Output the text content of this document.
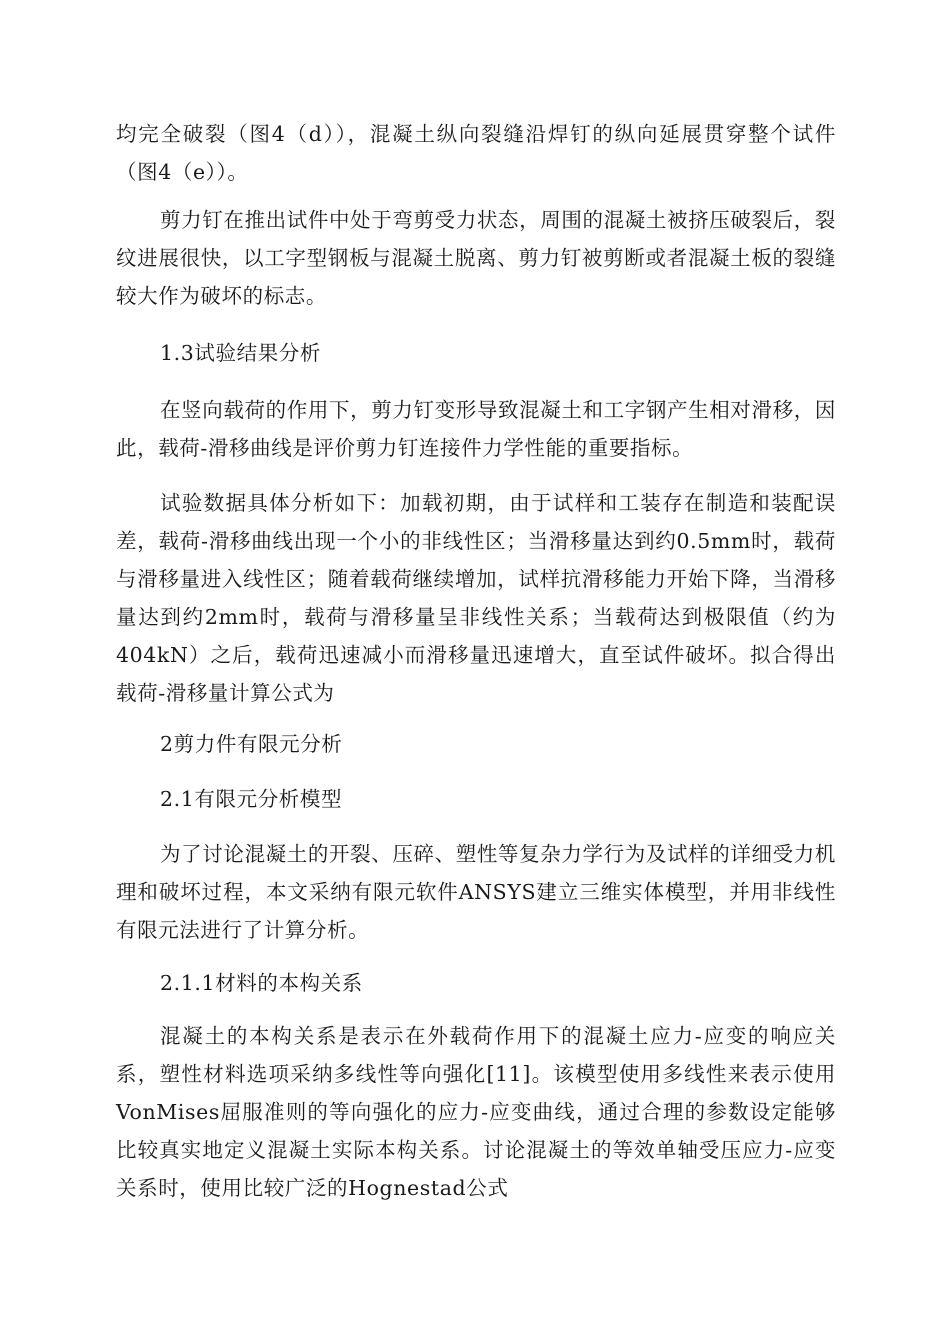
均完全破裂（图4（d）），混凝土纵向裂缝沿焊钉的纵向延展贯穿整个试件（图4（e））。

剪力钉在推出试件中处于弯剪受力状态，周围的混凝土被挤压破裂后，裂纹进展很快，以工字型钢板与混凝土脱离、剪力钉被剪断或者混凝土板的裂缝较大作为破坏的标志。

1.3试验结果分析

在竖向载荷的作用下，剪力钉变形导致混凝土和工字钢产生相对滑移，因此，载荷-滑移曲线是评价剪力钉连接件力学性能的重要指标。

试验数据具体分析如下：加载初期，由于试样和工装存在制造和装配误差，载荷-滑移曲线出现一个小的非线性区；当滑移量达到约0.5mm时，载荷与滑移量进入线性区；随着载荷继续增加，试样抗滑移能力开始下降，当滑移量达到约2mm时，载荷与滑移量呈非线性关系；当载荷达到极限值（约为404kN）之后，载荷迅速减小而滑移量迅速增大，直至试件破坏。拟合得出载荷-滑移量计算公式为

2剪力件有限元分析
2.1有限元分析模型

为了讨论混凝土的开裂、压碎、塑性等复杂力学行为及试样的详细受力机理和破坏过程，本文采纳有限元软件ANSYS建立三维实体模型，并用非线性有限元法进行了计算分析。

2.1.1材料的本构关系

混凝土的本构关系是表示在外载荷作用下的混凝土应力-应变的响应关系，塑性材料选项采纳多线性等向强化[11]。该模型使用多线性来表示使用VonMises屈服准则的等向强化的应力-应变曲线，通过合理的参数设定能够比较真实地定义混凝土实际本构关系。讨论混凝土的等效单轴受压应力-应变关系时，使用比较广泛的Hognestad公式
